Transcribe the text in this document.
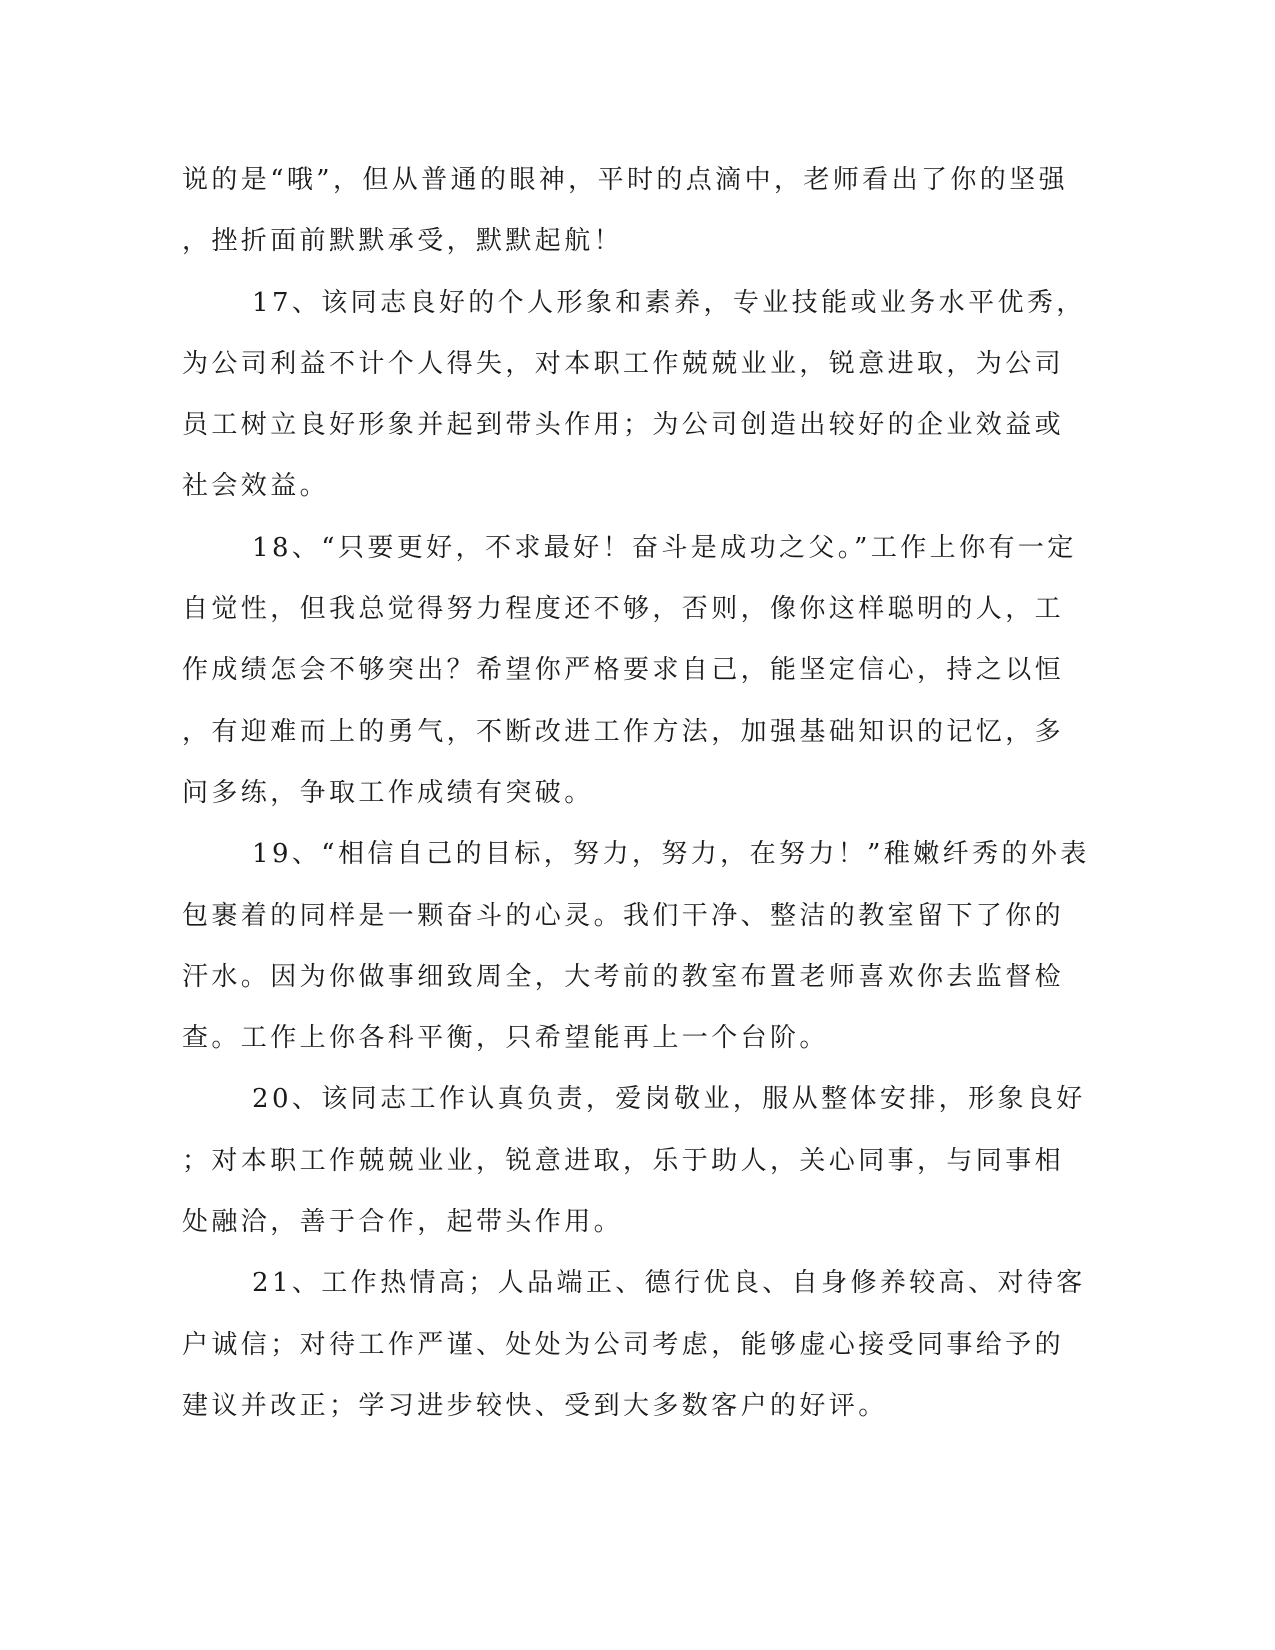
说的是“哦”，但从普通的眼神，平时的点滴中，老师看出了你的坚强
，挫折面前默默承受，默默起航！
17、该同志良好的个人形象和素养，专业技能或业务水平优秀，
为公司利益不计个人得失，对本职工作兢兢业业，锐意进取，为公司
员工树立良好形象并起到带头作用；为公司创造出较好的企业效益或
社会效益。
18、“只要更好，不求最好！奋斗是成功之父。”工作上你有一定
自觉性，但我总觉得努力程度还不够，否则，像你这样聪明的人，工
作成绩怎会不够突出？希望你严格要求自己，能坚定信心，持之以恒
，有迎难而上的勇气，不断改进工作方法，加强基础知识的记忆，多
问多练，争取工作成绩有突破。
19、“相信自己的目标，努力，努力，在努力！”稚嫩纤秀的外表
包裹着的同样是一颗奋斗的心灵。我们干净、整洁的教室留下了你的
汗水。因为你做事细致周全，大考前的教室布置老师喜欢你去监督检
查。工作上你各科平衡，只希望能再上一个台阶。
20、该同志工作认真负责，爱岗敬业，服从整体安排，形象良好
；对本职工作兢兢业业，锐意进取，乐于助人，关心同事，与同事相
处融洽，善于合作，起带头作用。
21、工作热情高；人品端正、德行优良、自身修养较高、对待客
户诚信；对待工作严谨、处处为公司考虑，能够虚心接受同事给予的
建议并改正；学习进步较快、受到大多数客户的好评。
